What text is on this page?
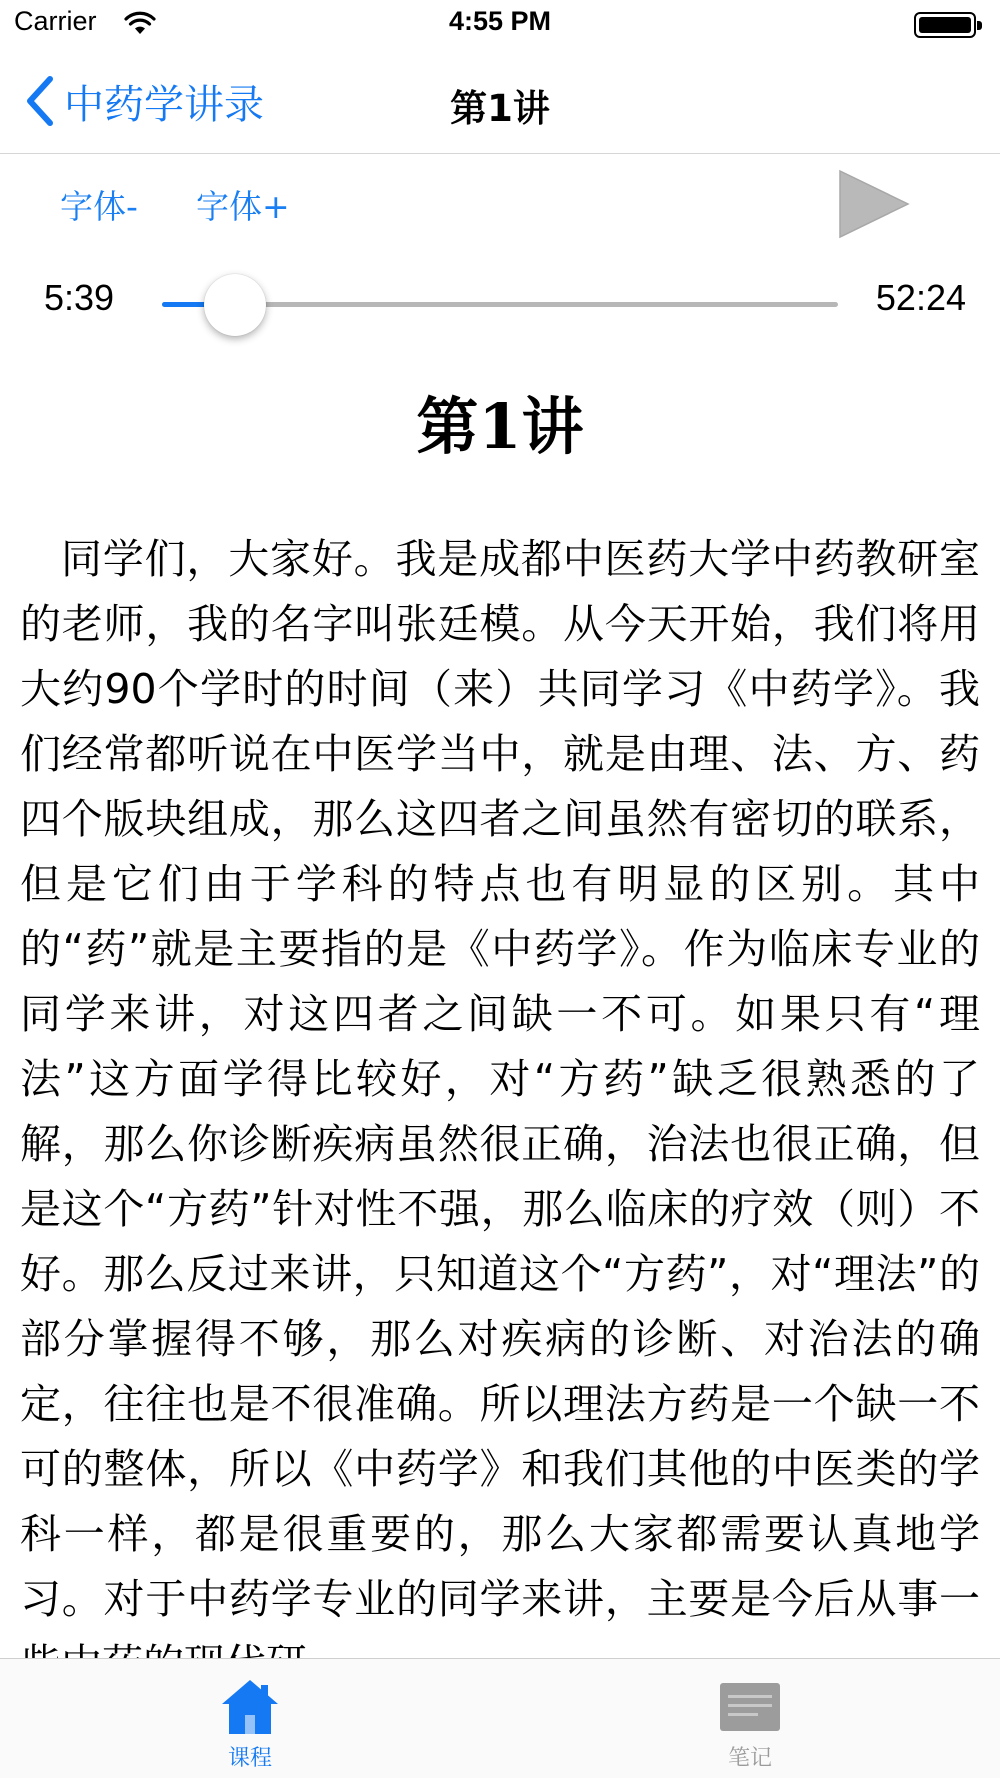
Carrier	4:55 PM
中药学讲录	第1讲
字体- 字体+
5:39	52:24
第1讲
同学们，大家好。我是成都中医药大学中药教研室的老师，我的名字叫张廷模。从今天开始，我们将用大约90个学时的时间（来）共同学习《中药学》。我们经常都听说在中医学当中，就是由理、法、方、药四个版块组成，那么这四者之间虽然有密切的联系，但是它们由于学科的特点也有明显的区别。其中的“药”就是主要指的是《中药学》。作为临床专业的同学来讲，对这四者之间缺一不可。如果只有“理法”这方面学得比较好，对“方药”缺乏很熟悉的了解，那么你诊断疾病虽然很正确，治法也很正确，但是这个“方药”针对性不强，那么临床的疗效（则）不好。那么反过来讲，只知道这个“方药”，对“理法”的部分掌握得不够，那么对疾病的诊断、对治法的确定，往往也是不很准确。所以理法方药是一个缺一不可的整体，所以《中药学》和我们其他的中医类的学科一样，都是很重要的，那么大家都需要认真地学习。对于中药学专业的同学来讲，主要是今后从事一
课程	笔记
